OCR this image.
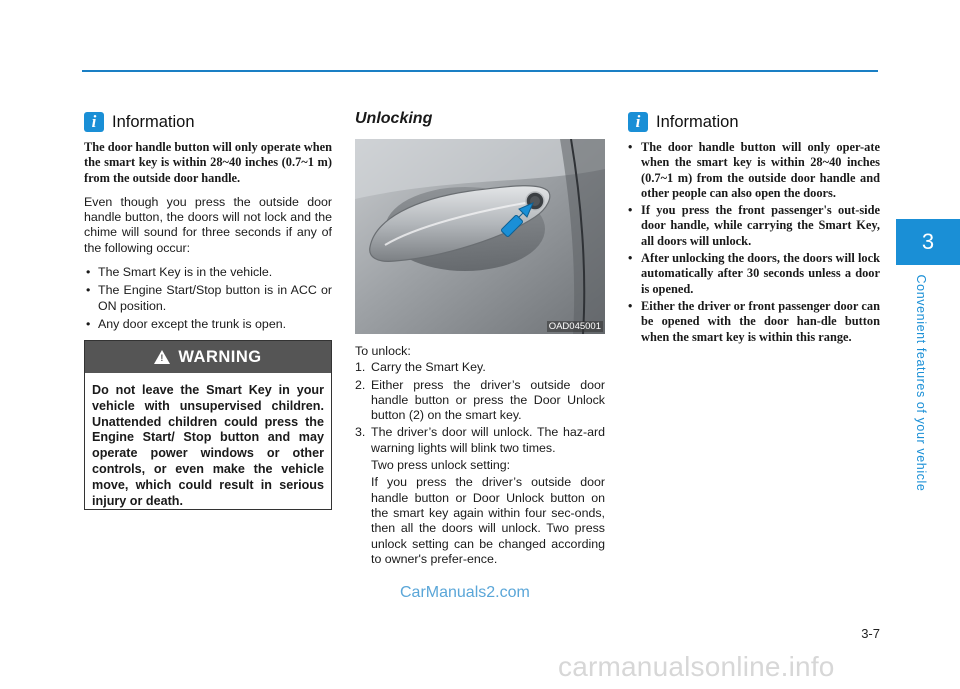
i Information

The door handle button will only operate when the smart key is within 28~40 inches (0.7~1 m) from the outside door handle.

Even though you press the outside door handle button, the doors will not lock and the chime will sound for three seconds if any of the following occur:

• The Smart Key is in the vehicle.
• The Engine Start/Stop button is in ACC or ON position.
• Any door except the trunk is open.
! WARNING

Do not leave the Smart Key in your vehicle with unsupervised children. Unattended children could press the Engine Start/ Stop button and may operate power windows or other controls, or even make the vehicle move, which could result in serious injury or death.

Unlocking
OAD045001

To unlock:

1. Carry the Smart Key.
2. Either press the driver’s outside door handle button or press the Door Unlock button (2) on the smart key.
3. The driver’s door will unlock. The haz-ard warning lights will blink two times.

Two press unlock setting:

If you press the driver’s outside door handle button or Door Unlock button on the smart key again within four sec-onds, then all the doors will unlock. Two press unlock setting can be changed according to owner's prefer-ence.

i Information
• The door handle button will only oper-ate when the smart key is within 28~40 inches (0.7~1 m) from the outside door handle and other people can also open the doors.
• If you press the front passenger's out-side door handle, while carrying the Smart Key, all doors will unlock.
• After unlocking the doors, the doors will lock automatically after 30 seconds unless a door is opened.
• Either the driver or front passenger door can be opened with the door han-dle button when the smart key is within this range.
3
Convenient features of your vehicle
3-7
CarManuals2.com
carmanualsonline.info
